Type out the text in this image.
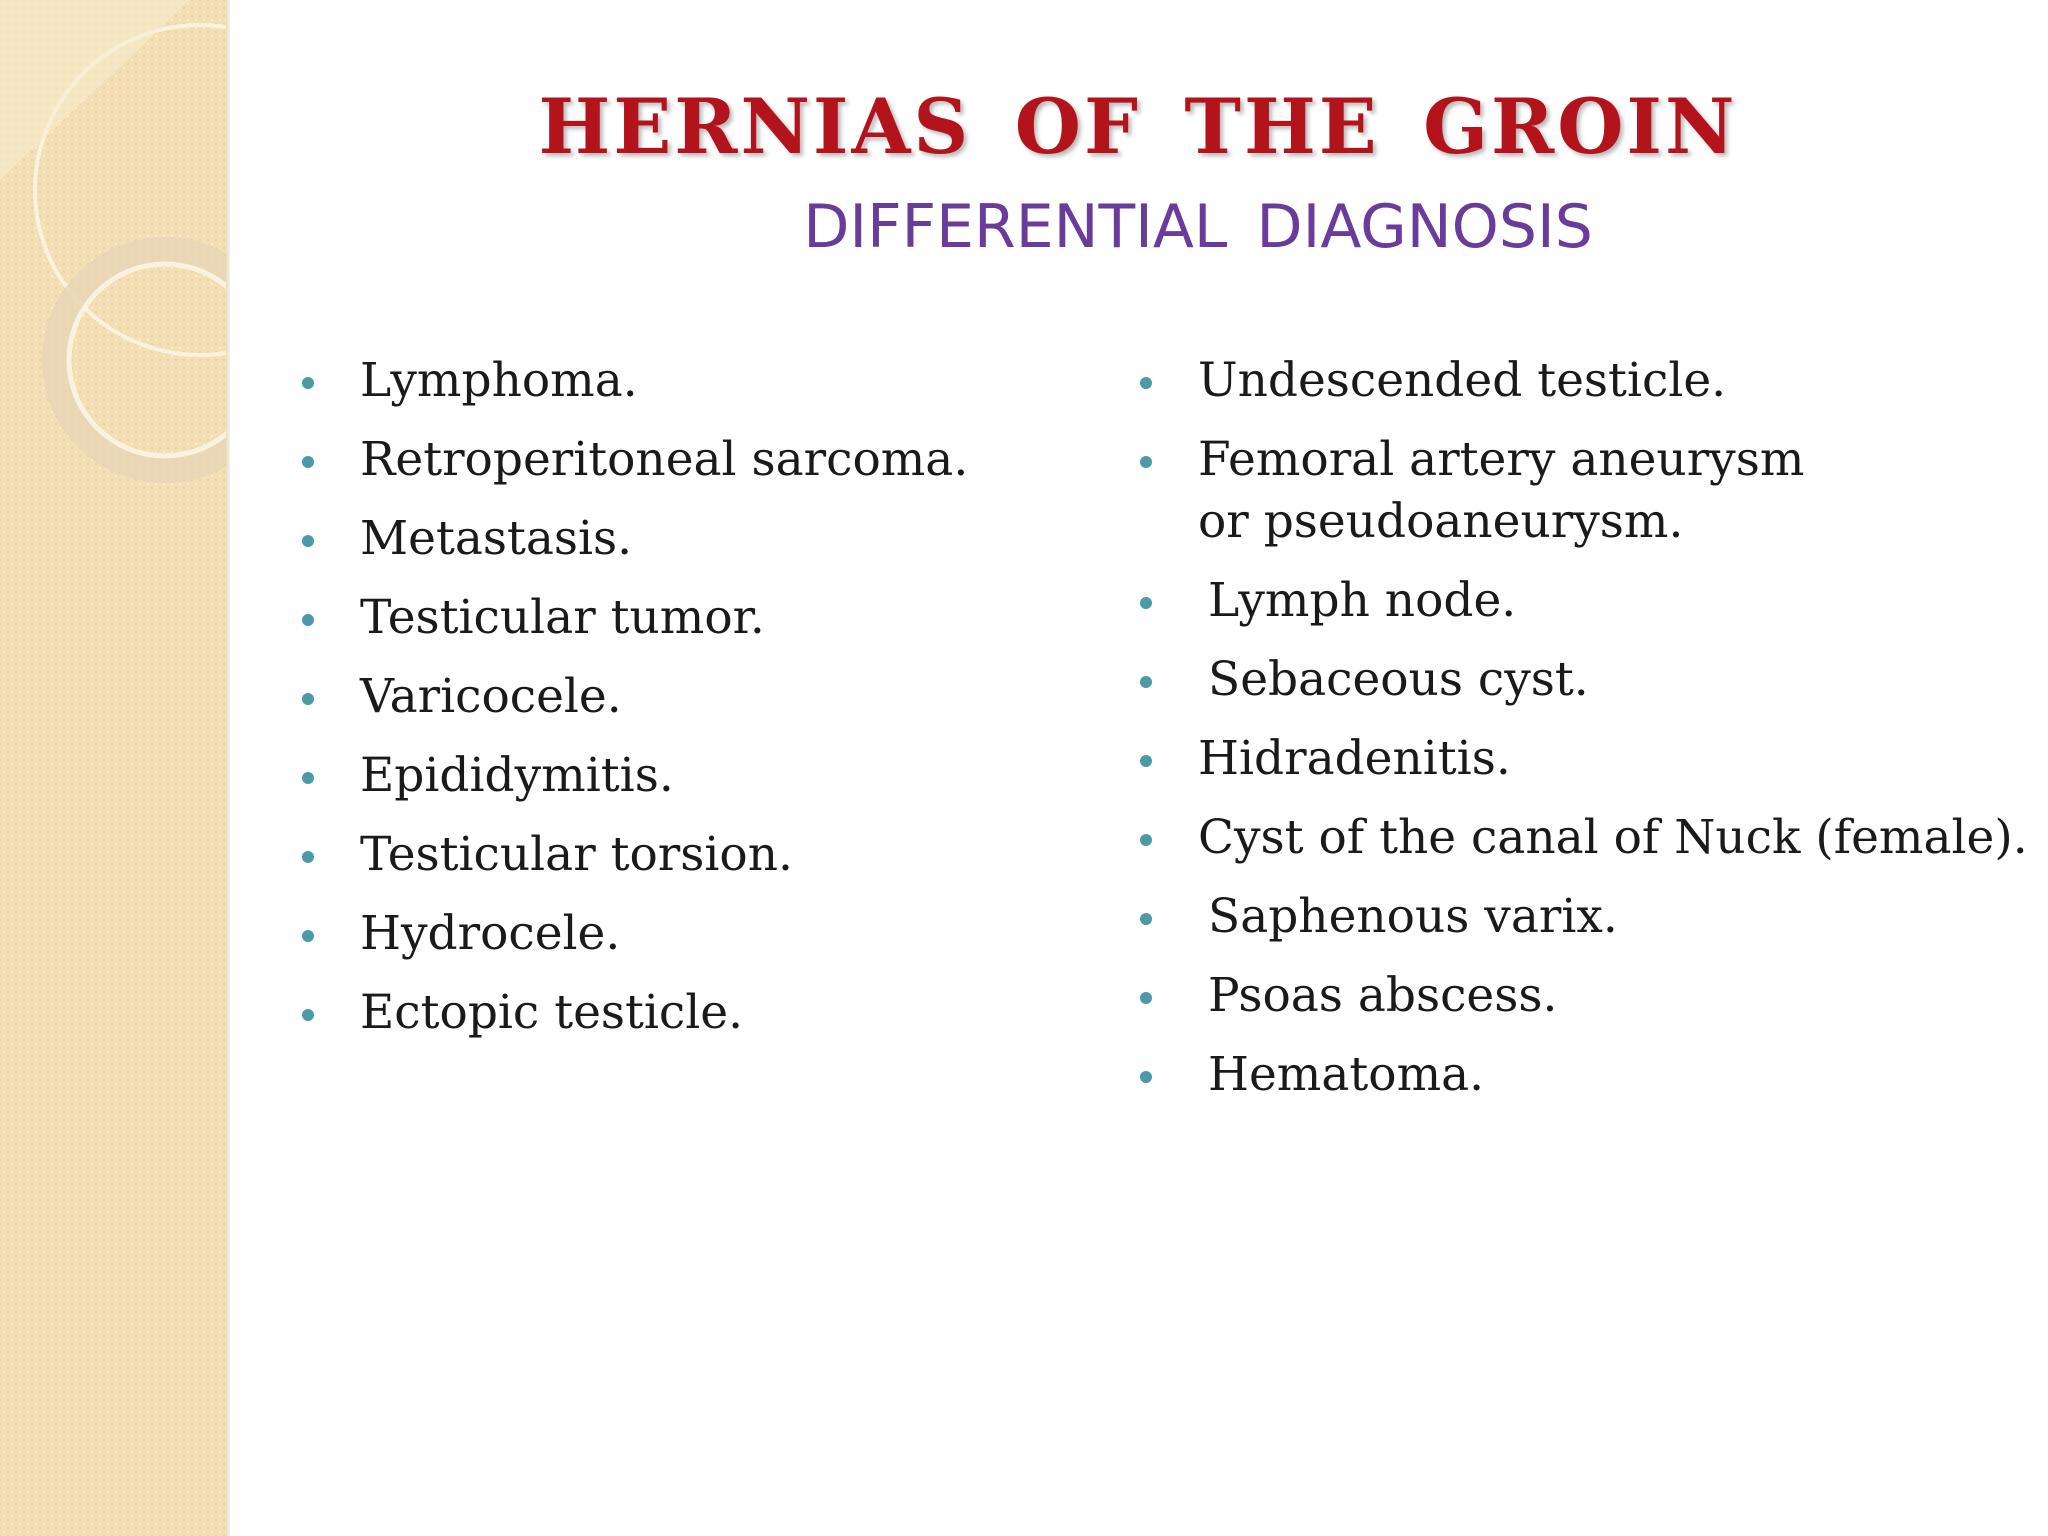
HERNIAS OF THE GROIN
DIFFERENTIAL DIAGNOSIS
Lymphoma.
Retroperitoneal sarcoma.
Metastasis.
Testicular tumor.
Varicocele.
Epididymitis.
Testicular torsion.
Hydrocele.
Ectopic testicle.
Undescended testicle.
Femoral artery aneurysm or pseudoaneurysm.
Lymph node.
Sebaceous cyst.
Hidradenitis.
Cyst of the canal of Nuck (female).
Saphenous varix.
Psoas abscess.
Hematoma.
